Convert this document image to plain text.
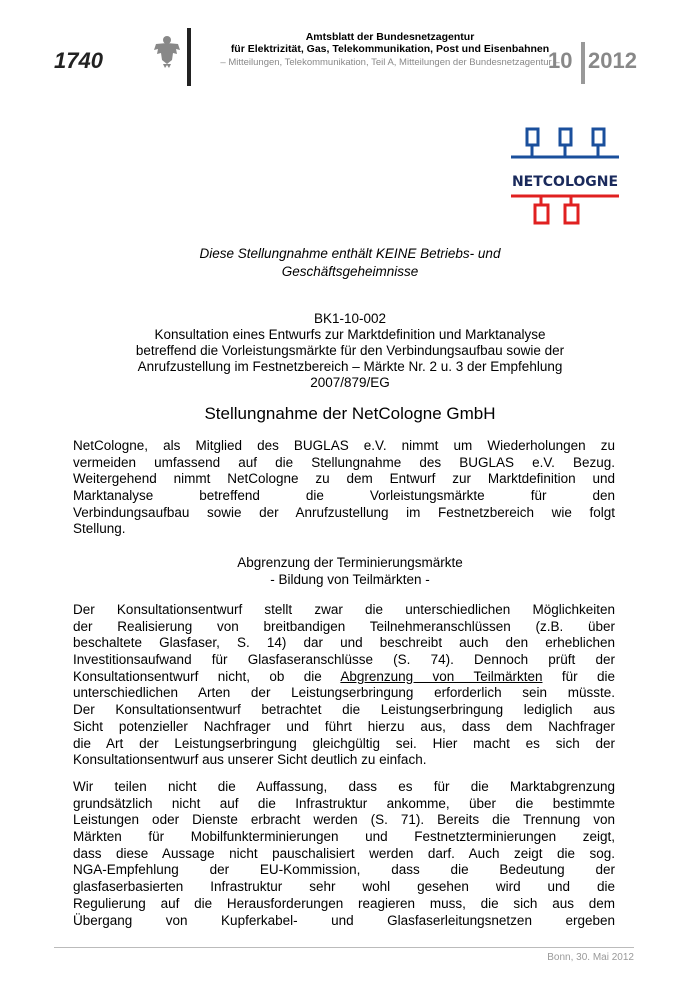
1740
Amtsblatt der Bundesnetzagentur
für Elektrizität, Gas, Telekommunikation, Post und Eisenbahnen
– Mitteilungen, Telekommunikation, Teil A, Mitteilungen der Bundesnetzagentur –
10 2012
NETCOLOGNE
Diese Stellungnahme enthält KEINE Betriebs- und
Geschäftsgeheimnisse
BK1-10-002
Konsultation eines Entwurfs zur Marktdefinition und Marktanalyse
betreffend die Vorleistungsmärkte für den Verbindungsaufbau sowie der
Anrufzustellung im Festnetzbereich – Märkte Nr. 2 u. 3 der Empfehlung
2007/879/EG
Stellungnahme der NetCologne GmbH
NetCologne, als Mitglied des BUGLAS e.V. nimmt um Wiederholungen zu
vermeiden umfassend auf die Stellungnahme des BUGLAS e.V. Bezug.
Weitergehend nimmt NetCologne zu dem Entwurf zur Marktdefinition und
Marktanalyse betreffend die Vorleistungsmärkte für den
Verbindungsaufbau sowie der Anrufzustellung im Festnetzbereich wie folgt
Stellung.
Abgrenzung der Terminierungsmärkte
- Bildung von Teilmärkten -
Der Konsultationsentwurf stellt zwar die unterschiedlichen Möglichkeiten
der Realisierung von breitbandigen Teilnehmeranschlüssen (z.B. über
beschaltete Glasfaser, S. 14) dar und beschreibt auch den erheblichen
Investitionsaufwand für Glasfaseranschlüsse (S. 74). Dennoch prüft der
Konsultationsentwurf nicht, ob die Abgrenzung von Teilmärkten für die
unterschiedlichen Arten der Leistungserbringung erforderlich sein müsste.
Der Konsultationsentwurf betrachtet die Leistungserbringung lediglich aus
Sicht potenzieller Nachfrager und führt hierzu aus, dass dem Nachfrager
die Art der Leistungserbringung gleichgültig sei. Hier macht es sich der
Konsultationsentwurf aus unserer Sicht deutlich zu einfach.
Wir teilen nicht die Auffassung, dass es für die Marktabgrenzung
grundsätzlich nicht auf die Infrastruktur ankomme, über die bestimmte
Leistungen oder Dienste erbracht werden (S. 71). Bereits die Trennung von
Märkten für Mobilfunkterminierungen und Festnetzterminierungen zeigt,
dass diese Aussage nicht pauschalisiert werden darf. Auch zeigt die sog.
NGA-Empfehlung der EU-Kommission, dass die Bedeutung der
glasfaserbasierten Infrastruktur sehr wohl gesehen wird und die
Regulierung auf die Herausforderungen reagieren muss, die sich aus dem
Übergang von Kupferkabel- und Glasfaserleitungsnetzen ergeben
Bonn, 30. Mai 2012
